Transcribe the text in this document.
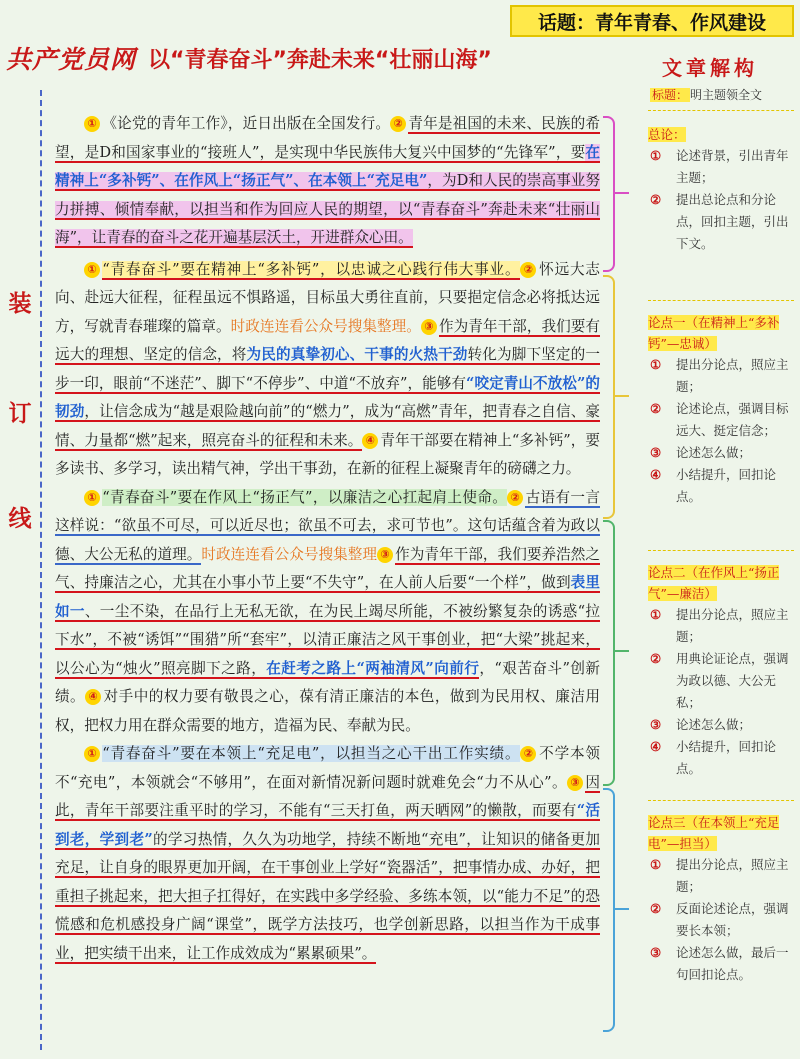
话题：青年青春、作风建设
共产党员网 以“青春奋斗”奔赴未来“壮丽山海”
装
订
线

① 《论党的青年工作》，近日出版在全国发行。 ② 青年是祖国的未来、民族的希望，是D和国家事业的“接班人”，是实现中华民族伟大复兴中国梦的“先锋军”，要在精神上“多补钙”、在作风上“扬正气”、在本领上“充足电”，为D和人民的崇高事业努力拼搏、倾情奉献，以担当和作为回应人民的期望，以“青春奋斗”奔赴未来“壮丽山海”，让青春的奋斗之花开遍基层沃土，开进群众心田。

① “青春奋斗”要在精神上“多补钙”，以忠诚之心践行伟大事业。 ② 怀远大志向、赴远大征程，征程虽远不惧路遥，目标虽大勇往直前，只要挹定信念必将抵达远方，写就青春璀璨的篇章。时政连连看公众号搜集整理。 ③ 作为青年干部，我们要有远大的理想、坚定的信念，将为民的真挚初心、干事的火热干劲转化为脚下坚定的一步一印，眼前“不迷茫”、脚下“不停步”、中道“不放弃”，能够有“咬定青山不放松”的韧劲，让信念成为“越是艰险越向前”的“燃力”，成为“高燃”青年，把青春之自信、豪情、力量都“燃”起来，照亮奋斗的征程和未来。 ④ 青年干部要在精神上“多补钙”，要多读书、多学习，读出精气神，学出干事劲，在新的征程上凝聚青年的磅礴之力。

① “青春奋斗”要在作风上“扬正气”，以廉洁之心扛起肩上使命。 ② 古语有一言这样说：“欲虽不可尽，可以近尽也；欲虽不可去，求可节也”。这句话蕴含着为政以德、大公无私的道理。时政连连看公众号搜集整理 ③ 作为青年干部，我们要养浩然之气、持廉洁之心，尤其在小事小节上要“不失守”，在人前人后要“一个样”，做到表里如一、一尘不染，在品行上无私无欲，在为民上竭尽所能，不被纷繁复杂的诱惑“拉下水”，不被“诱饵”“围猎”所“套牢”，以清正廉洁之风干事创业，把“大梁”挑起来，以公心为“烛火”照亮脚下之路，在赶考之路上“两袖清风”向前行，“艰苦奋斗”创新绩。 ④ 对手中的权力要有敬畏之心，葆有清正廉洁的本色，做到为民用权、廉洁用权，把权力用在群众需要的地方，造福为民、奉献为民。

① “青春奋斗”要在本领上“充足电”，以担当之心干出工作实绩。 ② 不学本领不“充电”，本领就会“不够用”，在面对新情况新问题时就难免会“力不从心”。 ③ 因此，青年干部要注重平时的学习，不能有“三天打鱼，两天晒网”的懒散，而要有“活到老，学到老”的学习热情，久久为功地学，持续不断地“充电”，让知识的储备更加充足，让自身的眼界更加开阔，在干事创业上学好“瓷器活”，把事情办成、办好，把重担子挑起来，把大担子扛得好，在实践中多学经验、多练本领，以“能力不足”的恐慌感和危机感投身广阔“课堂”，既学方法技巧，也学创新思路，以担当作为干成事业，把实绩干出来，让工作成效成为“累累硕果”。

文章解构
标题： 明主题领全文
总论：
① 论述背景，引出青年主题；
② 提出总论点和分论点，回扣主题，引出下文。
论点一（在精神上“多补钙”—忠诚）
① 提出分论点，照应主题；
② 论述论点，强调目标远大、挺定信念；
③ 论述怎么做；
④ 小结提升，回扣论点。
论点二（在作风上“扬正气”—廉洁）
① 提出分论点，照应主题；
② 用典论证论点，强调为政以德、大公无私；
③ 论述怎么做；
④ 小结提升，回扣论点。
论点三（在本领上“充足电”—担当）
① 提出分论点，照应主题；
② 反面论述论点，强调要长本领；
③ 论述怎么做，最后一句回扣论点。
